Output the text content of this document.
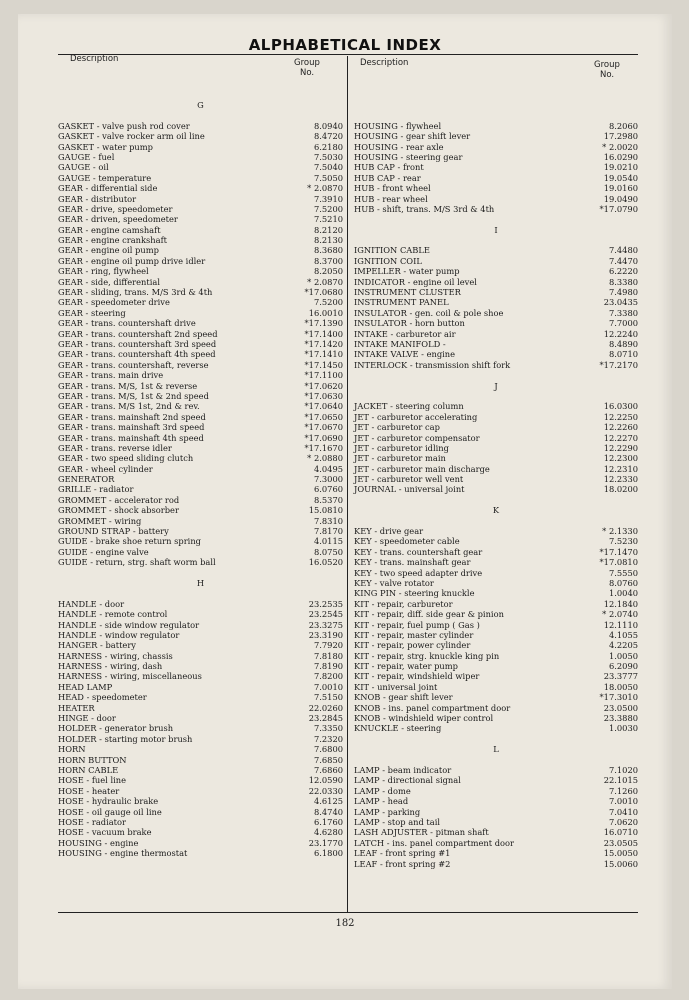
ALPHABETICAL INDEX
Description	Group
No.
Description	Group
No.
G
GASKET - valve push rod cover	8.0940
GASKET - valve rocker arm oil line	8.4720
GASKET - water pump	6.2180
GAUGE - fuel	7.5030
GAUGE - oil	7.5040
GAUGE - temperature	7.5050
GEAR - differential side	* 2.0870
GEAR - distributor	7.3910
GEAR - drive, speedometer	7.5200
GEAR - driven, speedometer	7.5210
GEAR - engine camshaft	8.2120
GEAR - engine crankshaft	8.2130
GEAR - engine oil pump	8.3680
GEAR - engine oil pump drive idler	8.3700
GEAR - ring, flywheel	8.2050
GEAR - side, differential	* 2.0870
GEAR - sliding, trans. M/S 3rd & 4th	*17.0680
GEAR - speedometer drive	7.5200
GEAR - steering	16.0010
GEAR - trans. countershaft drive	*17.1390
GEAR - trans. countershaft 2nd speed	*17.1400
GEAR - trans. countershaft 3rd speed	*17.1420
GEAR - trans. countershaft 4th speed	*17.1410
GEAR - trans. countershaft, reverse	*17.1450
GEAR - trans. main drive	*17.1100
GEAR - trans. M/S, 1st & reverse	*17.0620
GEAR - trans. M/S, 1st & 2nd speed	*17.0630
GEAR - trans. M/S 1st, 2nd & rev.	*17.0640
GEAR - trans. mainshaft 2nd speed	*17.0650
GEAR - trans. mainshaft 3rd speed	*17.0670
GEAR - trans. mainshaft 4th speed	*17.0690
GEAR - trans. reverse idler	*17.1670
GEAR - two speed sliding clutch	* 2.0880
GEAR - wheel cylinder	4.0495
GENERATOR	7.3000
GRILLE - radiator	6.0760
GROMMET - accelerator rod	8.5370
GROMMET - shock absorber	15.0810
GROMMET - wiring	7.8310
GROUND STRAP - battery	7.8170
GUIDE - brake shoe return spring	4.0115
GUIDE - engine valve	8.0750
GUIDE - return, strg. shaft worm ball	16.0520
H
HANDLE - door	23.2535
HANDLE - remote control	23.2545
HANDLE - side window regulator	23.3275
HANDLE - window regulator	23.3190
HANGER - battery	7.7920
HARNESS - wiring, chassis	7.8180
HARNESS - wiring, dash	7.8190
HARNESS - wiring, miscellaneous	7.8200
HEAD LAMP	7.0010
HEAD - speedometer	7.5150
HEATER	22.0260
HINGE - door	23.2845
HOLDER - generator brush	7.3350
HOLDER - starting motor brush	7.2320
HORN	7.6800
HORN BUTTON	7.6850
HORN CABLE	7.6860
HOSE - fuel line	12.0590
HOSE - heater	22.0330
HOSE - hydraulic brake	4.6125
HOSE - oil gauge oil line	8.4740
HOSE - radiator	6.1760
HOSE - vacuum brake	4.6280
HOUSING - engine	23.1770
HOUSING - engine thermostat	6.1800
HOUSING - flywheel	8.2060
HOUSING - gear shift lever	17.2980
HOUSING - rear axle	* 2.0020
HOUSING - steering gear	16.0290
HUB CAP - front	19.0210
HUB CAP - rear	19.0540
HUB - front wheel	19.0160
HUB - rear wheel	19.0490
HUB - shift, trans. M/S 3rd & 4th	*17.0790
I
IGNITION CABLE	7.4480
IGNITION COIL	7.4470
IMPELLER - water pump	6.2220
INDICATOR - engine oil level	8.3380
INSTRUMENT CLUSTER	7.4980
INSTRUMENT PANEL	23.0435
INSULATOR - gen. coil & pole shoe	7.3380
INSULATOR - horn button	7.7000
INTAKE - carburetor air	12.2240
INTAKE MANIFOLD -	8.4890
INTAKE VALVE - engine	8.0710
INTERLOCK - transmission shift fork	*17.2170
J
JACKET - steering column	16.0300
JET - carburetor accelerating	12.2250
JET - carburetor cap	12.2260
JET - carburetor compensator	12.2270
JET - carburetor idling	12.2290
JET - carburetor main	12.2300
JET - carburetor main discharge	12.2310
JET - carburetor well vent	12.2330
JOURNAL - universal joint	18.0200
K
KEY - drive gear	* 2.1330
KEY - speedometer cable	7.5230
KEY - trans. countershaft gear	*17.1470
KEY - trans. mainshaft gear	*17.0810
KEY - two speed adapter drive	7.5550
KEY - valve rotator	8.0760
KING PIN - steering knuckle	1.0040
KIT - repair, carburetor	12.1840
KIT - repair, diff. side gear & pinion	* 2.0740
KIT - repair, fuel pump ( Gas )	12.1110
KIT - repair, master cylinder	4.1055
KIT - repair, power cylinder	4.2205
KIT - repair, strg. knuckle king pin	1.0050
KIT - repair, water pump	6.2090
KIT - repair, windshield wiper	23.3777
KIT - universal joint	18.0050
KNOB - gear shift lever	*17.3010
KNOB - ins. panel compartment door	23.0500
KNOB - windshield wiper control	23.3880
KNUCKLE - steering	1.0030
L
LAMP - beam indicator	7.1020
LAMP - directional signal	22.1015
LAMP - dome	7.1260
LAMP - head	7.0010
LAMP - parking	7.0410
LAMP - stop and tail	7.0620
LASH ADJUSTER - pitman shaft	16.0710
LATCH - ins. panel compartment door	23.0505
LEAF - front spring #1	15.0050
LEAF - front spring #2	15.0060
182
